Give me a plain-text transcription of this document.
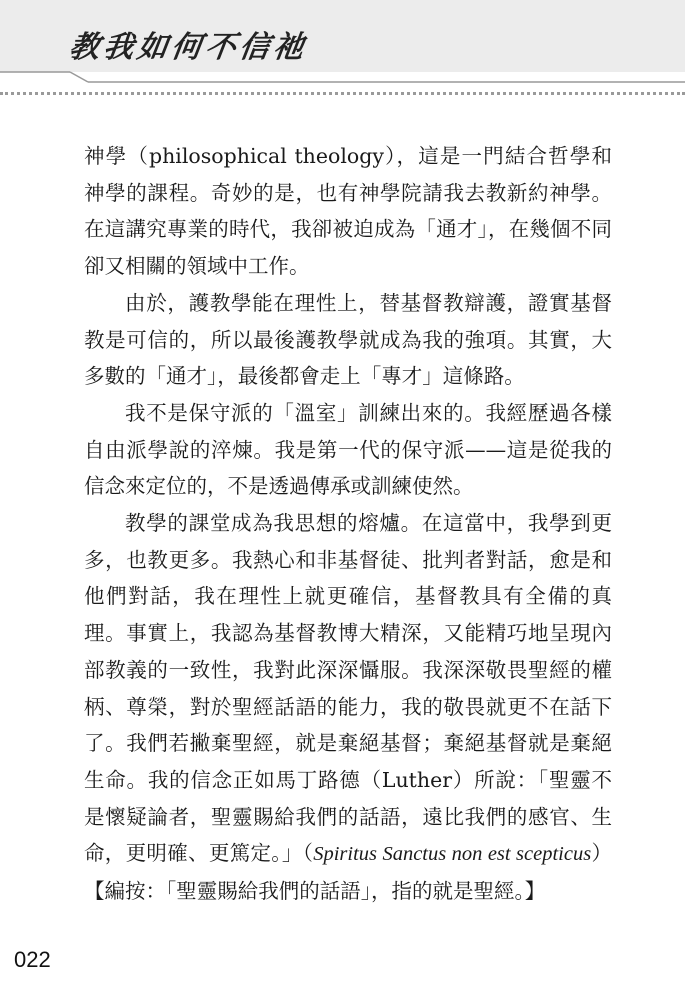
教我如何不信祂

神學（philosophical theology），這是一門結合哲學和神學的課程。奇妙的是，也有神學院請我去教新約神學。在這講究專業的時代，我卻被迫成為「通才」，在幾個不同卻又相關的領域中工作。

由於，護教學能在理性上，替基督教辯護，證實基督教是可信的，所以最後護教學就成為我的強項。其實，大多數的「通才」，最後都會走上「專才」這條路。

我不是保守派的「溫室」訓練出來的。我經歷過各樣自由派學說的淬煉。我是第一代的保守派——這是從我的信念來定位的，不是透過傳承或訓練使然。

教學的課堂成為我思想的熔爐。在這當中，我學到更多，也教更多。我熱心和非基督徒、批判者對話，愈是和他們對話，我在理性上就更確信，基督教具有全備的真理。事實上，我認為基督教博大精深，又能精巧地呈現內部教義的一致性，我對此深深懾服。我深深敬畏聖經的權柄、尊榮，對於聖經話語的能力，我的敬畏就更不在話下了。我們若撇棄聖經，就是棄絕基督；棄絕基督就是棄絕生命。我的信念正如馬丁路德（Luther）所說：「聖靈不是懷疑論者，聖靈賜給我們的話語，遠比我們的感官、生命，更明確、更篤定。」（Spiritus Sanctus non est scepticus）【編按：「聖靈賜給我們的話語」，指的就是聖經。】

022
